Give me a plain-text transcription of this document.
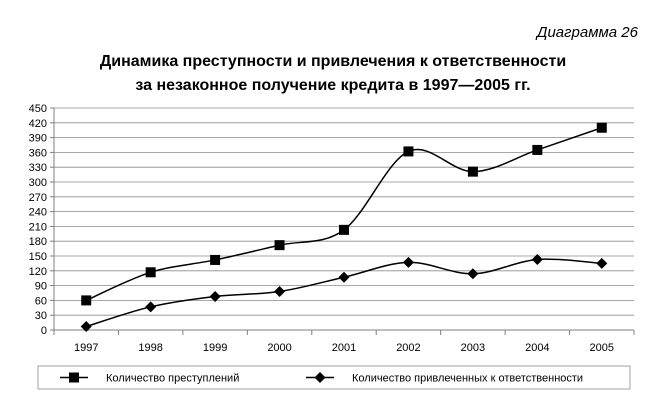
Диаграмма 26
Динамика преступности и привлечения к ответственности
за незаконное получение кредита в 1997—2005 гг.
0
30
60
90
120
150
180
210
240
270
300
330
360
390
420
450
1997	1998	1999	2000	2001	2002	2003	2004	2005
Количество преступлений	Количество привлеченных к ответственности
